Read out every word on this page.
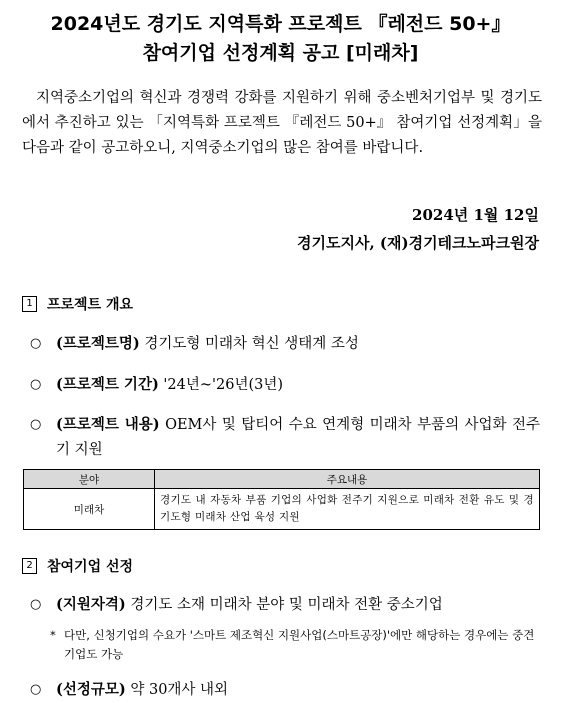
2024년도 경기도 지역특화 프로젝트 『레전드 50+』
참여기업 선정계획 공고 [미래차]
지역중소기업의 혁신과 경쟁력 강화를 지원하기 위해 중소벤처기업부 및 경기도에서 추진하고 있는 「지역특화 프로젝트 『레전드 50+』 참여기업 선정계획」을 다음과 같이 공고하오니, 지역중소기업의 많은 참여를 바랍니다.
2024년 1월 12일
경기도지사, (재)경기테크노파크원장
1	프로젝트 개요
○ (프로젝트명) 경기도형 미래차 혁신 생태계 조성
○ (프로젝트 기간) '24년~'26년(3년)
○ (프로젝트 내용) OEM사 및 탑티어 수요 연계형 미래차 부품의 사업화 전주기 지원
분야	주요내용
미래차	경기도 내 자동차 부품 기업의 사업화 전주기 지원으로 미래차 전환 유도 및 경기도형 미래차 산업 육성 지원
2	참여기업 선정
○ (지원자격) 경기도 소재 미래차 분야 및 미래차 전환 중소기업
* 다만, 신청기업의 수요가 '스마트 제조혁신 지원사업(스마트공장)'에만 해당하는 경우에는 중견기업도 가능
○ (선정규모) 약 30개사 내외
